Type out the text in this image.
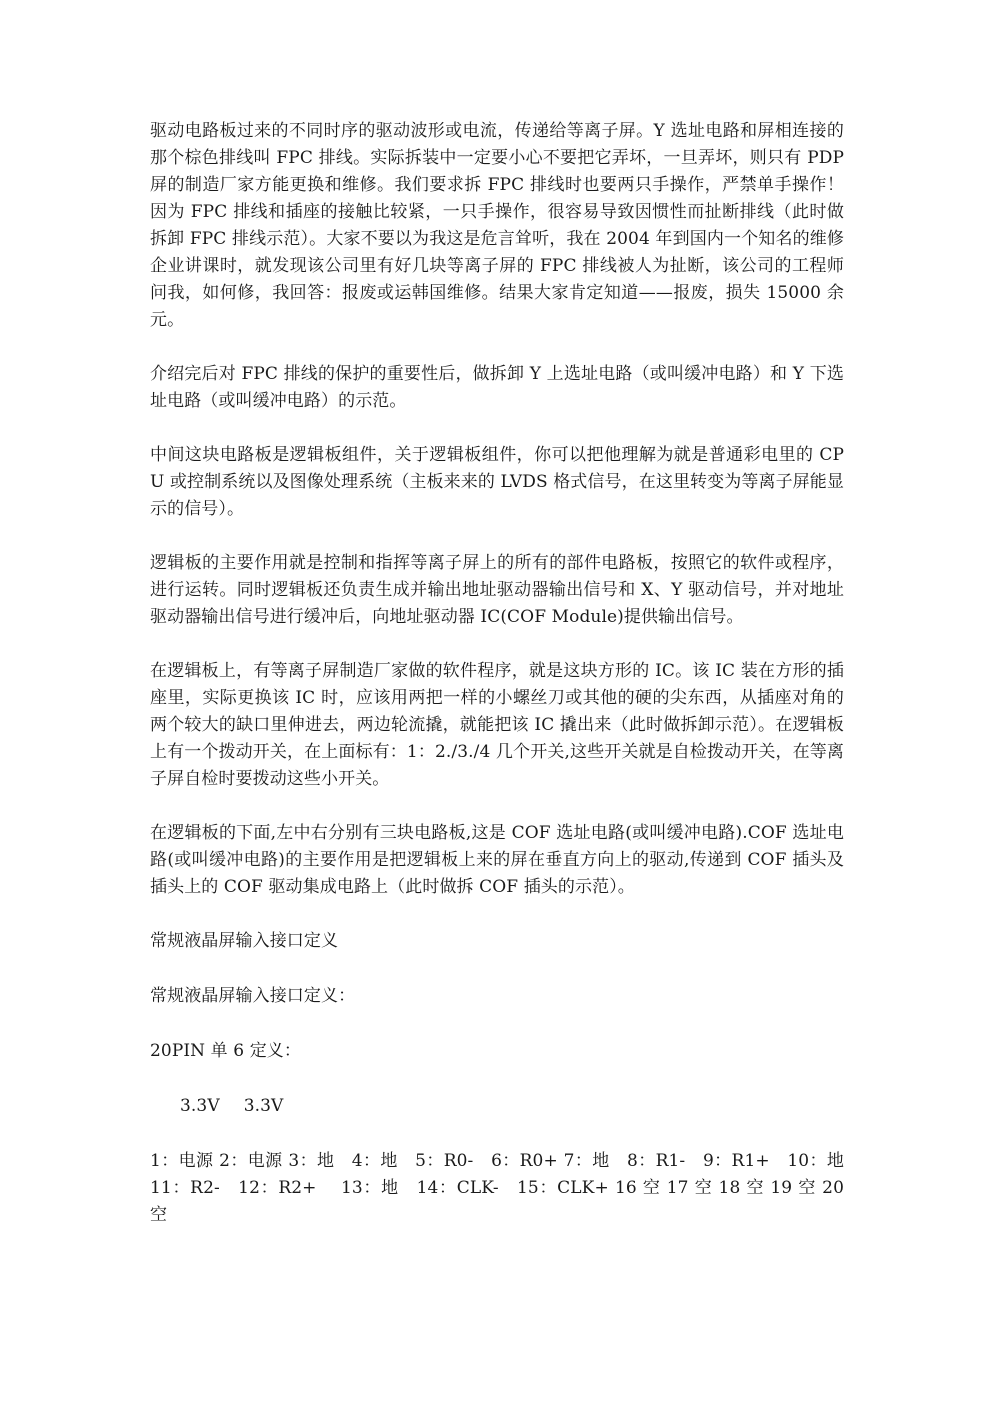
驱动电路板过来的不同时序的驱动波形或电流，传递给等离子屏。Y 选址电路和屏相连接的那个棕色排线叫 FPC 排线。实际拆装中一定要小心不要把它弄坏，一旦弄坏，则只有 PDP 屏的制造厂家方能更换和维修。我们要求拆 FPC 排线时也要两只手操作，严禁单手操作！因为 FPC 排线和插座的接触比较紧，一只手操作，很容易导致因惯性而扯断排线（此时做拆卸 FPC 排线示范）。大家不要以为我这是危言耸听，我在 2004 年到国内一个知名的维修企业讲课时，就发现该公司里有好几块等离子屏的 FPC 排线被人为扯断，该公司的工程师问我，如何修，我回答：报废或运韩国维修。结果大家肯定知道——报废，损失 15000 余元。

介绍完后对 FPC 排线的保护的重要性后，做拆卸 Y 上选址电路（或叫缓冲电路）和 Y 下选址电路（或叫缓冲电路）的示范。

中间这块电路板是逻辑板组件，关于逻辑板组件，你可以把他理解为就是普通彩电里的 CPU 或控制系统以及图像处理系统（主板来来的 LVDS 格式信号，在这里转变为等离子屏能显示的信号）。

逻辑板的主要作用就是控制和指挥等离子屏上的所有的部件电路板，按照它的软件或程序，进行运转。同时逻辑板还负责生成并输出地址驱动器输出信号和 X、Y 驱动信号，并对地址驱动器输出信号进行缓冲后，向地址驱动器 IC(COF Module)提供输出信号。

在逻辑板上，有等离子屏制造厂家做的软件程序，就是这块方形的 IC。该 IC 装在方形的插座里，实际更换该 IC 时，应该用两把一样的小螺丝刀或其他的硬的尖东西，从插座对角的两个较大的缺口里伸进去，两边轮流撬，就能把该 IC 撬出来（此时做拆卸示范）。在逻辑板上有一个拨动开关，在上面标有：1：2./3./4 几个开关,这些开关就是自检拨动开关，在等离子屏自检时要拨动这些小开关。

在逻辑板的下面,左中右分别有三块电路板,这是 COF 选址电路(或叫缓冲电路).COF 选址电路(或叫缓冲电路)的主要作用是把逻辑板上来的屏在垂直方向上的驱动,传递到 COF 插头及插头上的 COF 驱动集成电路上（此时做拆 COF 插头的示范）。

常规液晶屏输入接口定义

常规液晶屏输入接口定义：

20PIN 单 6 定义：

3.3V 3.3V

1：电源 2：电源 3：地　4：地　5：R0-　6：R0+ 7：地　8：R1-　9：R1+　10：地　11：R2-　12：R2+　 13：地　14：CLK-　15：CLK+ 16 空 17 空 18 空 19 空 20 空
